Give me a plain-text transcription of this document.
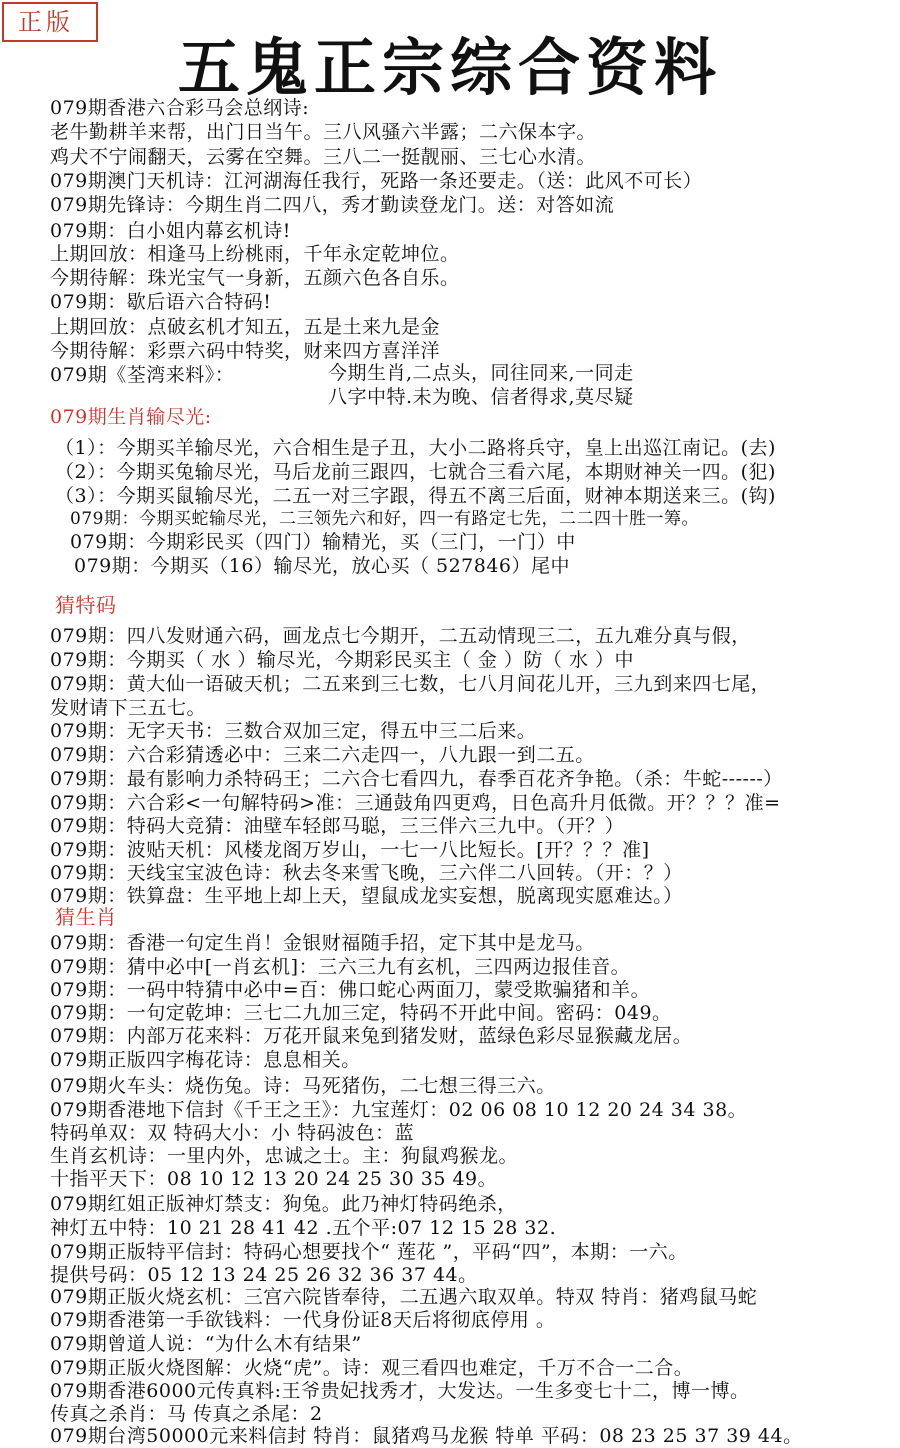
正版
五鬼正宗综合资料
079期香港六合彩马会总纲诗:
老牛勤耕羊来帮，出门日当午。三八风骚六半露；二六保本字。
鸡犬不宁闹翻天，云雾在空舞。三八二一挺靓丽、三七心水清。
079期澳门天机诗：江河湖海任我行，死路一条还要走。（送：此风不可长）
079期先锋诗：今期生肖二四八，秀才勤读登龙门。送：对答如流
079期：白小姐内幕玄机诗!
上期回放：相逢马上纷桃雨，千年永定乾坤位。
今期待解：珠光宝气一身新，五颜六色各自乐。
079期：歇后语六合特码!
上期回放：点破玄机才知五，五是土来九是金
今期待解：彩票六码中特奖，财来四方喜洋洋
079期《荃湾来料》：	今期生肖,二点头，同往同来,一同走
八字中特.未为晚、信者得求,莫尽疑
079期生肖输尽光:
（1）：今期买羊输尽光，六合相生是子丑，大小二路将兵守，皇上出巡江南记。(去)
（2）：今期买兔输尽光，马后龙前三跟四，七就合三看六尾，本期财神关一四。(犯)
（3）：今期买鼠输尽光，二五一对三字跟，得五不离三后面，财神本期送来三。(钩)
079期：今期买蛇输尽光，二三领先六和好，四一有路定七先，二二四十胜一筹。
079期：今期彩民买（四门）输精光，买（三门，一门）中
079期：今期买（16）输尽光，放心买（ 527846）尾中
猜特码
079期：四八发财通六码，画龙点七今期开，二五动情现三二，五九难分真与假，
079期：今期买（ 水 ）输尽光，今期彩民买主（ 金 ）防（ 水 ）中
079期：黄大仙一语破天机；二五来到三七数，七八月间花儿开，三九到来四七尾，
发财请下三五七。
079期：无字天书：三数合双加三定，得五中三二后来。
079期：六合彩猜透必中：三来二六走四一，八九跟一到二五。
079期：最有影响力杀特码王；二六合七看四九，春季百花齐争艳。（杀：牛蛇------）
079期：六合彩<一句解特码>准：三通鼓角四更鸡，日色高升月低微。开？？？准=
079期：特码大竞猜：油壁车轻郎马聪，三三伴六三九中。（开？）
079期：波贴天机：风楼龙阁万岁山，一七一八比短长。[开？？？准]
079期：天线宝宝波色诗：秋去冬来雪飞晚，三六伴二八回转。（开：？）
079期：铁算盘：生平地上却上天，望鼠成龙实妄想，脱离现实愿难达。）
猜生肖
079期：香港一句定生肖！金银财福随手招，定下其中是龙马。
079期：猜中必中[一肖玄机]：三六三九有玄机，三四两边报佳音。
079期：一码中特猜中必中=百：佛口蛇心两面刀，蒙受欺骗猪和羊。
079期：一句定乾坤：三七二九加三定，特码不开此中间。密码：049。
079期：内部万花来料：万花开鼠来兔到猪发财，蓝绿色彩尽显猴藏龙居。
079期正版四字梅花诗：息息相关。
079期火车头：烧伤兔。诗：马死猪伤，二七想三得三六。
079期香港地下信封《千王之王》：九宝莲灯：02 06 08 10 12 20 24 34 38。
特码单双：双 特码大小：小 特码波色：蓝
生肖玄机诗：一里内外，忠诚之士。主：狗鼠鸡猴龙。
十指平天下：08 10 12 13 20 24 25 30 35 49。
079期红姐正版神灯禁支：狗兔。此乃神灯特码绝杀，
神灯五中特：10 21 28 41 42 .五个平:07 12 15 28 32.
079期正版特平信封：特码心想要找个“ 莲花 ”，平码“四”，本期：一六。
提供号码：05 12 13 24 25 26 32 36 37 44。
079期正版火烧玄机：三宫六院皆奉待，二五遇六取双单。特双 特肖：猪鸡鼠马蛇
079期香港第一手欲钱料：一代身份证8天后将彻底停用 。
079期曾道人说：“为什么木有结果”
079期正版火烧图解：火烧“虎”。诗：观三看四也难定，千万不合一二合。
079期香港6000元传真料:王爷贵妃找秀才，大发达。一生多变七十二，博一博。
传真之杀肖：马 传真之杀尾：2
079期台湾50000元来料信封 特肖：鼠猪鸡马龙猴 特单 平码：08 23 25 37 39 44。
